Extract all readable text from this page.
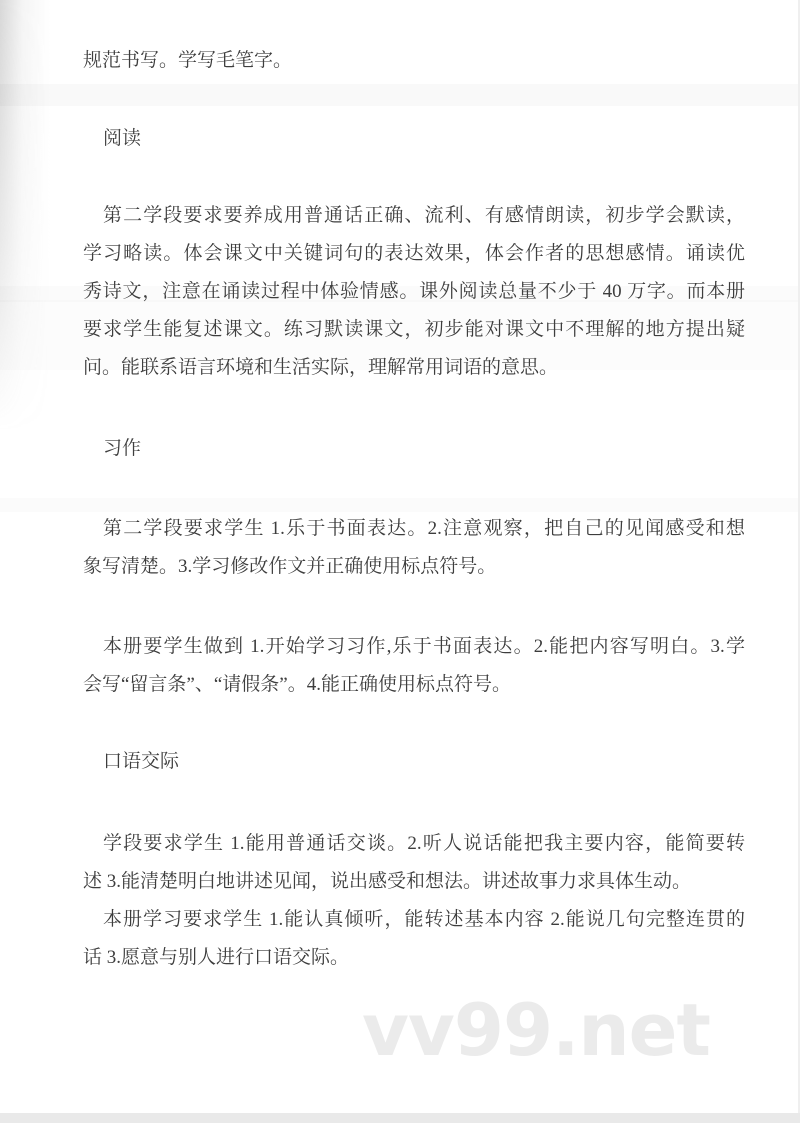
规范书写。学写毛笔字。

阅读

第二学段要求要养成用普通话正确、流利、有感情朗读，初步学会默读，

学习略读。体会课文中关键词句的表达效果，体会作者的思想感情。诵读优

秀诗文，注意在诵读过程中体验情感。课外阅读总量不少于 40 万字。而本册

要求学生能复述课文。练习默读课文，初步能对课文中不理解的地方提出疑

问。能联系语言环境和生活实际，理解常用词语的意思。

习作

第二学段要求学生 1.乐于书面表达。2.注意观察，把自己的见闻感受和想

象写清楚。3.学习修改作文并正确使用标点符号。

本册要学生做到 1.开始学习习作,乐于书面表达。2.能把内容写明白。3.学

会写“留言条”、“请假条”。4.能正确使用标点符号。

口语交际

学段要求学生 1.能用普通话交谈。2.听人说话能把我主要内容，能简要转

述 3.能清楚明白地讲述见闻，说出感受和想法。讲述故事力求具体生动。

本册学习要求学生 1.能认真倾听，能转述基本内容 2.能说几句完整连贯的

话 3.愿意与别人进行口语交际。

vv99.net
